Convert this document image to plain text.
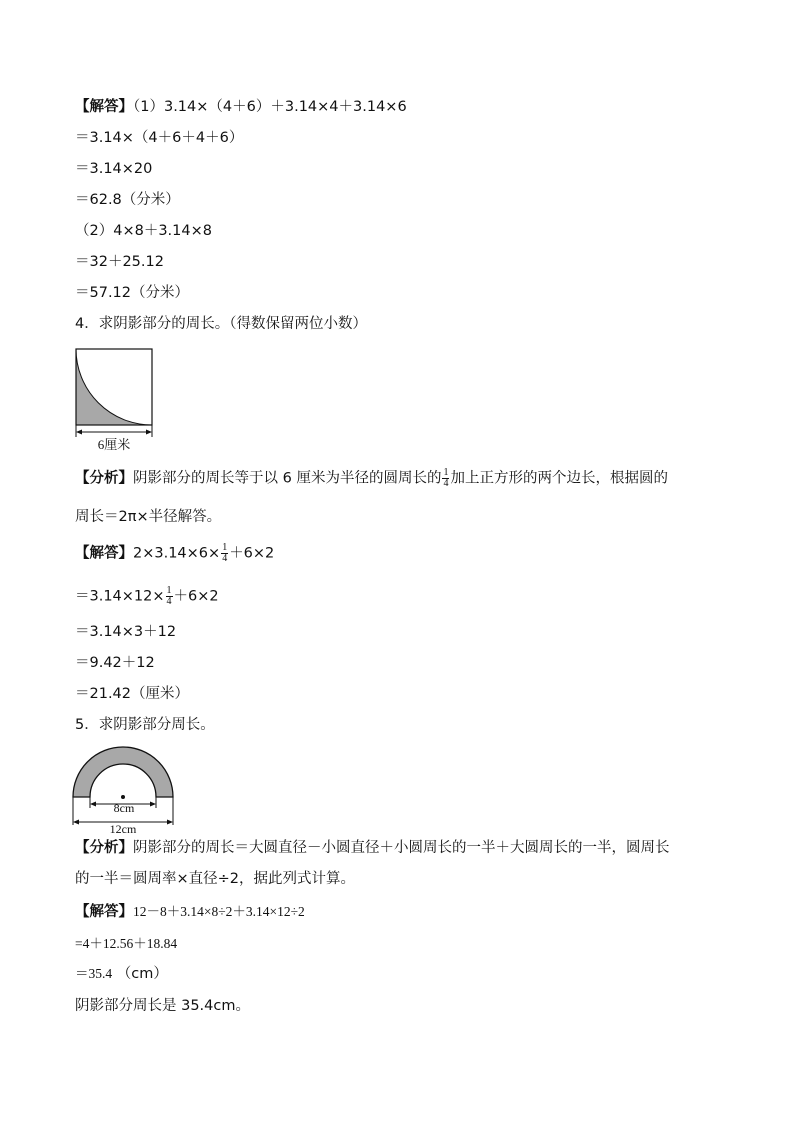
【解答】（1）3.14×（4＋6）＋3.14×4＋3.14×6
＝3.14×（4＋6＋4＋6）
＝3.14×20
＝62.8（分米）
（2）4×8＋3.14×8
＝32＋25.12
＝57.12（分米）
4．求阴影部分的周长。（得数保留两位小数）
6厘米
【分析】阴影部分的周长等于以 6 厘米为半径的圆周长的 $\frac{1}{4}$ 加上正方形的两个边长，根据圆的
周长＝2π×半径解答。
【解答】$2\times 3.14\times 6\times \frac{1}{4} +6\times 2$
$=3.14\times 12\times \frac{1}{4} +6\times 2$
＝3.14×3＋12
＝9.42＋12
＝21.42（厘米）
5．求阴影部分周长。
8cm
12cm
【分析】阴影部分的周长＝大圆直径－小圆直径＋小圆周长的一半＋大圆周长的一半，圆周长
的一半＝圆周率×直径÷2，据此列式计算。
【解答】12－8＋3.14×8÷2＋3.14×12÷2
=4＋12.56＋18.84
＝35.4 （cm）
阴影部分周长是 35.4cm。
